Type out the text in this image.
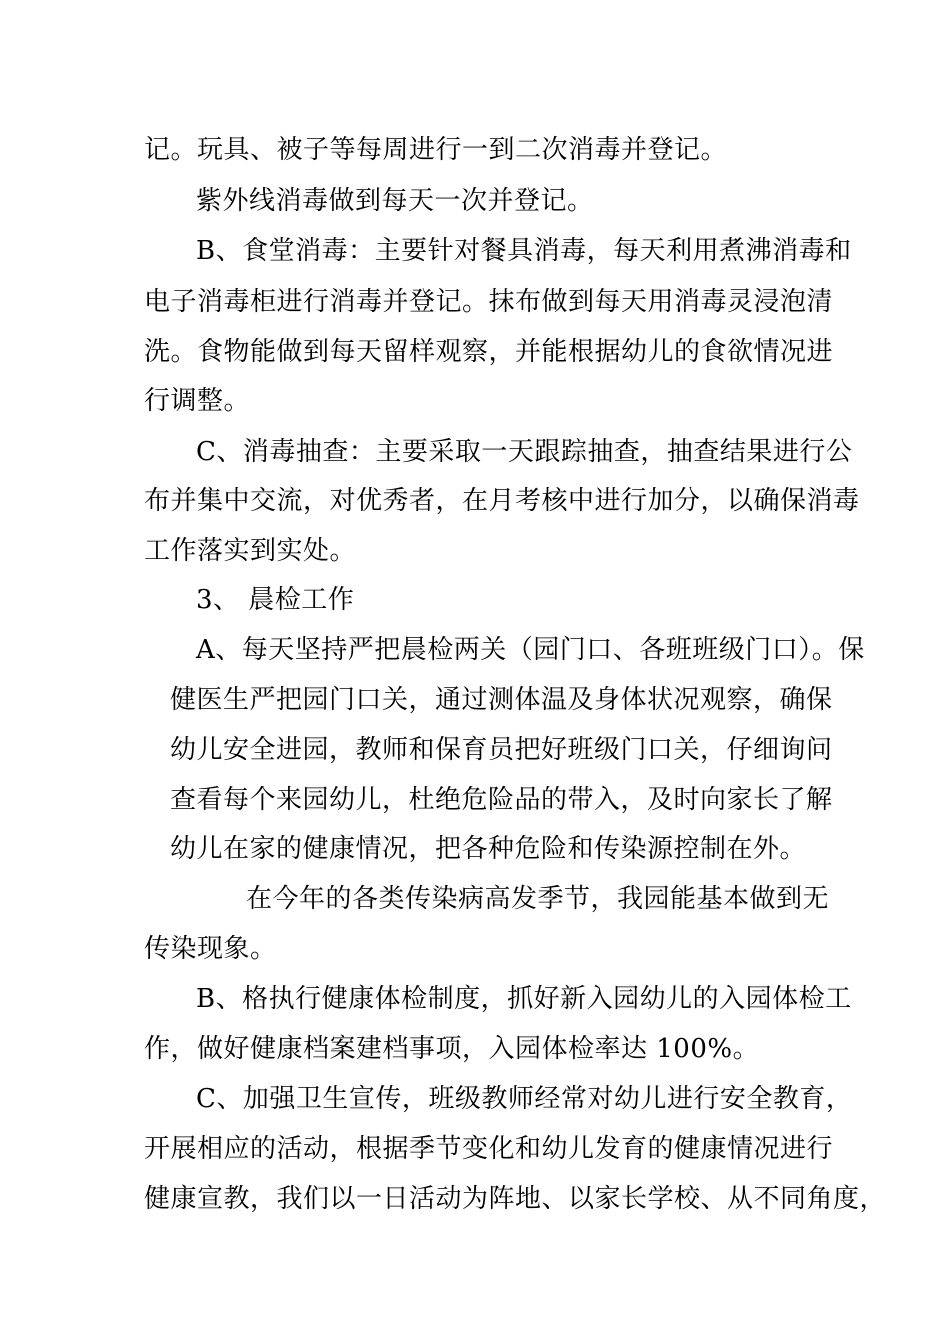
记。玩具、被子等每周进行一到二次消毒并登记。
紫外线消毒做到每天一次并登记。
B、食堂消毒：主要针对餐具消毒，每天利用煮沸消毒和
电子消毒柜进行消毒并登记。抹布做到每天用消毒灵浸泡清
洗。食物能做到每天留样观察，并能根据幼儿的食欲情况进
行调整。
C、消毒抽查：主要采取一天跟踪抽查，抽查结果进行公
布并集中交流，对优秀者，在月考核中进行加分，以确保消毒
工作落实到实处。
3、 晨检工作
A、每天坚持严把晨检两关（园门口、各班班级门口）。保
健医生严把园门口关，通过测体温及身体状况观察，确保
幼儿安全进园，教师和保育员把好班级门口关，仔细询问
查看每个来园幼儿，杜绝危险品的带入，及时向家长了解
幼儿在家的健康情况，把各种危险和传染源控制在外。
在今年的各类传染病高发季节，我园能基本做到无
传染现象。
B、格执行健康体检制度，抓好新入园幼儿的入园体检工
作，做好健康档案建档事项，入园体检率达 100%。
C、加强卫生宣传，班级教师经常对幼儿进行安全教育，
开展相应的活动，根据季节变化和幼儿发育的健康情况进行
健康宣教，我们以一日活动为阵地、以家长学校、从不同角度，
